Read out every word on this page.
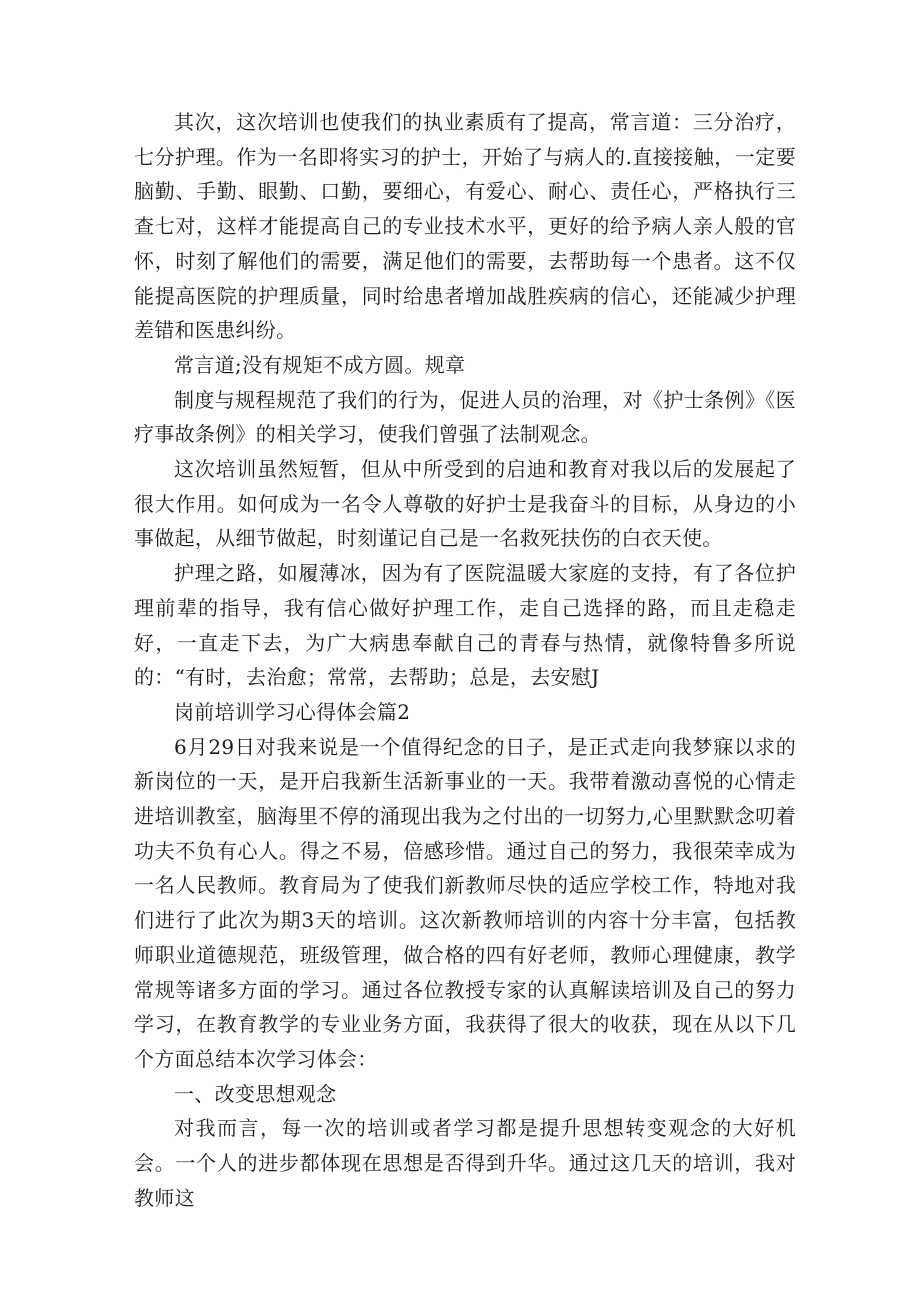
其次，这次培训也使我们的执业素质有了提高，常言道：三分治疗，七分护理。作为一名即将实习的护士，开始了与病人的.直接接触，一定要脑勤、手勤、眼勤、口勤，要细心，有爱心、耐心、责任心，严格执行三查七对，这样才能提高自己的专业技术水平，更好的给予病人亲人般的官怀，时刻了解他们的需要，满足他们的需要，去帮助每一个患者。这不仅能提高医院的护理质量，同时给患者增加战胜疾病的信心，还能减少护理差错和医患纠纷。

常言道;没有规矩不成方圆。规章

制度与规程规范了我们的行为，促进人员的治理，对《护士条例》《医疗事故条例》的相关学习，使我们曾强了法制观念。

这次培训虽然短暂，但从中所受到的启迪和教育对我以后的发展起了很大作用。如何成为一名令人尊敬的好护士是我奋斗的目标，从身边的小事做起，从细节做起，时刻谨记自己是一名救死扶伤的白衣天使。

护理之路，如履薄冰，因为有了医院温暖大家庭的支持，有了各位护理前辈的指导，我有信心做好护理工作，走自己选择的路，而且走稳走好，一直走下去，为广大病患奉献自己的青春与热情，就像特鲁多所说的：“有时，去治愈；常常，去帮助；总是，去安慰J

岗前培训学习心得体会篇2

6月29日对我来说是一个值得纪念的日子，是正式走向我梦寐以求的新岗位的一天，是开启我新生活新事业的一天。我带着激动喜悦的心情走进培训教室，脑海里不停的涌现出我为之付出的一切努力,心里默默念叨着功夫不负有心人。得之不易，倍感珍惜。通过自己的努力，我很荣幸成为一名人民教师。教育局为了使我们新教师尽快的适应学校工作，特地对我们进行了此次为期3天的培训。这次新教师培训的内容十分丰富，包括教师职业道德规范，班级管理，做合格的四有好老师，教师心理健康，教学常规等诸多方面的学习。通过各位教授专家的认真解读培训及自己的努力学习，在教育教学的专业业务方面，我获得了很大的收获，现在从以下几个方面总结本次学习体会：

一、改变思想观念

对我而言，每一次的培训或者学习都是提升思想转变观念的大好机会。一个人的进步都体现在思想是否得到升华。通过这几天的培训，我对教师这
